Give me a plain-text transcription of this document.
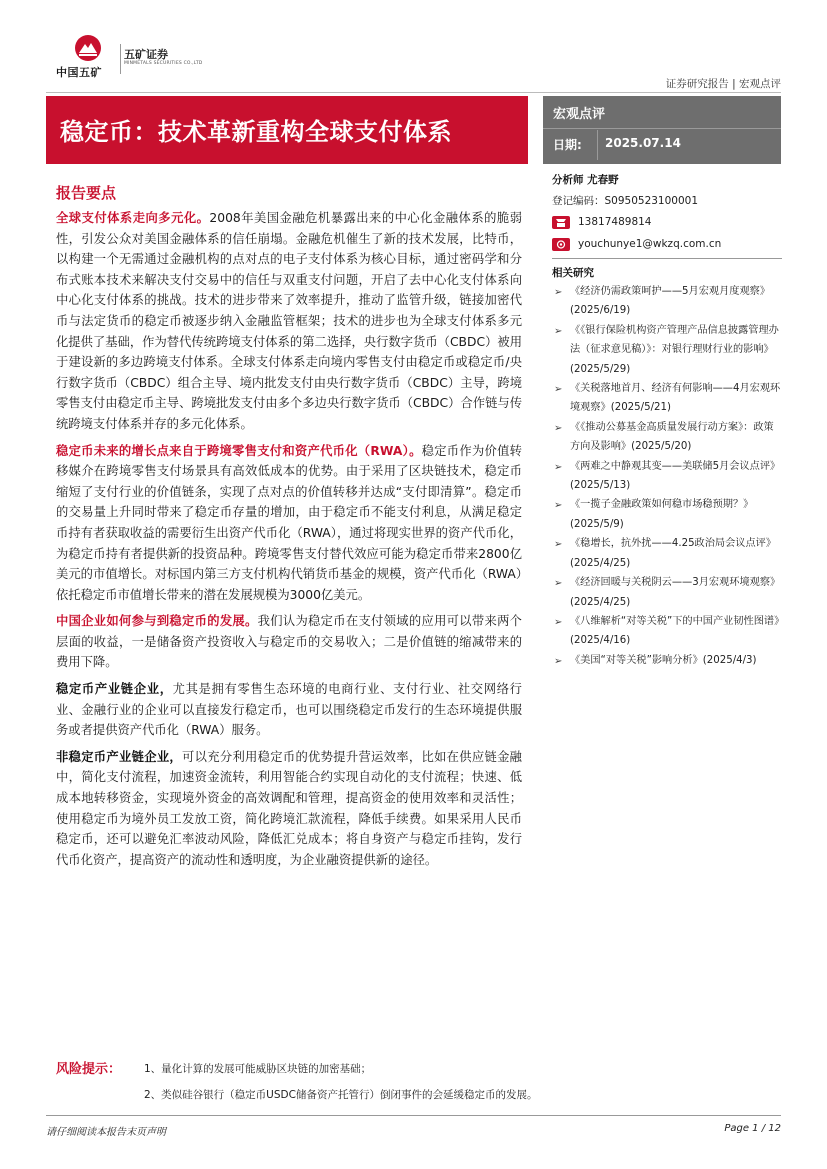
中国五矿
五矿证券
MINMETALS SECURITIES CO.,LTD
证券研究报告 | 宏观点评
稳定币：技术革新重构全球支付体系
宏观点评
日期: 2025.07.14
报告要点

全球支付体系走向多元化。2008年美国金融危机暴露出来的中心化金融体系的脆弱性，引发公众对美国金融体系的信任崩塌。金融危机催生了新的技术发展，比特币，以构建一个无需通过金融机构的点对点的电子支付体系为核心目标，通过密码学和分布式账本技术来解决支付交易中的信任与双重支付问题，开启了去中心化支付体系向中心化支付体系的挑战。技术的进步带来了效率提升，推动了监管升级，链接加密代币与法定货币的稳定币被逐步纳入金融监管框架；技术的进步也为全球支付体系多元化提供了基础，作为替代传统跨境支付体系的第二选择，央行数字货币（CBDC）被用于建设新的多边跨境支付体系。全球支付体系走向境内零售支付由稳定币或稳定币/央行数字货币（CBDC）组合主导、境内批发支付由央行数字货币（CBDC）主导，跨境零售支付由稳定币主导、跨境批发支付由多个多边央行数字货币（CBDC）合作链与传统跨境支付体系并存的多元化体系。

稳定币未来的增长点来自于跨境零售支付和资产代币化（RWA）。稳定币作为价值转移媒介在跨境零售支付场景具有高效低成本的优势。由于采用了区块链技术，稳定币缩短了支付行业的价值链条，实现了点对点的价值转移并达成“支付即清算”。稳定币的交易量上升同时带来了稳定币存量的增加，由于稳定币不能支付利息，从满足稳定币持有者获取收益的需要衍生出资产代币化（RWA），通过将现实世界的资产代币化，为稳定币持有者提供新的投资品种。跨境零售支付替代效应可能为稳定币带来2800亿美元的市值增长。对标国内第三方支付机构代销货币基金的规模，资产代币化（RWA）依托稳定币市值增长带来的潜在发展规模为3000亿美元。

中国企业如何参与到稳定币的发展。我们认为稳定币在支付领域的应用可以带来两个层面的收益，一是储备资产投资收入与稳定币的交易收入；二是价值链的缩减带来的费用下降。

稳定币产业链企业，尤其是拥有零售生态环境的电商行业、支付行业、社交网络行业、金融行业的企业可以直接发行稳定币，也可以围绕稳定币发行的生态环境提供服务或者提供资产代币化（RWA）服务。

非稳定币产业链企业，可以充分利用稳定币的优势提升营运效率，比如在供应链金融中，简化支付流程，加速资金流转，利用智能合约实现自动化的支付流程；快速、低成本地转移资金，实现境外资金的高效调配和管理，提高资金的使用效率和灵活性；使用稳定币为境外员工发放工资，简化跨境汇款流程，降低手续费。如果采用人民币稳定币，还可以避免汇率波动风险，降低汇兑成本；将自身资产与稳定币挂钩，发行代币化资产，提高资产的流动性和透明度，为企业融资提供新的途径。

分析师 尤春野
登记编码：S0950523100001
13817489814
youchunye1@wkzq.com.cn
相关研究
➢ 《经济仍需政策呵护——5月宏观月度观察》(2025/6/19)
➢ 《《银行保险机构资产管理产品信息披露管理办法（征求意见稿）》：对银行理财行业的影响》(2025/5/29)
➢ 《关税落地首月、经济有何影响——4月宏观环境观察》(2025/5/21)
➢ 《《推动公募基金高质量发展行动方案》：政策方向及影响》(2025/5/20)
➢ 《两难之中静观其变——美联储5月会议点评》(2025/5/13)
➢ 《一揽子金融政策如何稳市场稳预期？》(2025/5/9)
➢ 《稳增长，抗外扰——4.25政治局会议点评》(2025/4/25)
➢ 《经济回暖与关税阴云——3月宏观环境观察》(2025/4/25)
➢ 《八维解析“对等关税”下的中国产业韧性图谱》(2025/4/16)
➢ 《美国“对等关税”影响分析》(2025/4/3)
风险提示： 1、量化计算的发展可能威胁区块链的加密基础；
2、类似硅谷银行（稳定币USDC储备资产托管行）倒闭事件的会延缓稳定币的发展。
请仔细阅读本报告末页声明	Page 1 / 12
